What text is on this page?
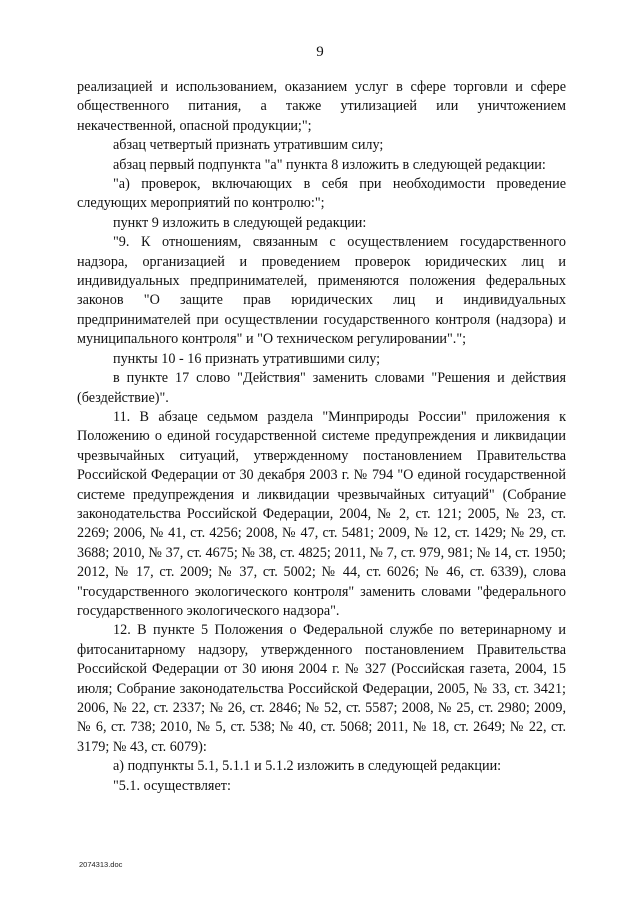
9

реализацией и использованием, оказанием услуг в сфере торговли и сфере общественного питания, а также утилизацией или уничтожением некачественной, опасной продукции;";

абзац четвертый признать утратившим силу;

абзац первый подпункта "а" пункта 8 изложить в следующей редакции:

"а) проверок, включающих в себя при необходимости проведение следующих мероприятий по контролю:";

пункт 9 изложить в следующей редакции:

"9. К отношениям, связанным с осуществлением государственного надзора, организацией и проведением проверок юридических лиц и индивидуальных предпринимателей, применяются положения федеральных законов "О защите прав юридических лиц и индивидуальных предпринимателей при осуществлении государственного контроля (надзора) и муниципального контроля" и "О техническом регулировании".";

пункты 10 - 16 признать утратившими силу;

в пункте 17 слово "Действия" заменить словами "Решения и действия (бездействие)".

11. В абзаце седьмом раздела "Минприроды России" приложения к Положению о единой государственной системе предупреждения и ликвидации чрезвычайных ситуаций, утвержденному постановлением Правительства Российской Федерации от 30 декабря 2003 г. № 794 "О единой государственной системе предупреждения и ликвидации чрезвычайных ситуаций" (Собрание законодательства Российской Федерации, 2004, № 2, ст. 121; 2005, № 23, ст. 2269; 2006, № 41, ст. 4256; 2008, № 47, ст. 5481; 2009, № 12, ст. 1429; № 29, ст. 3688; 2010, № 37, ст. 4675; № 38, ст. 4825; 2011, № 7, ст. 979, 981; № 14, ст. 1950; 2012, № 17, ст. 2009; № 37, ст. 5002; № 44, ст. 6026; № 46, ст. 6339), слова "государственного экологического контроля" заменить словами "федерального государственного экологического надзора".

12. В пункте 5 Положения о Федеральной службе по ветеринарному и фитосанитарному надзору, утвержденного постановлением Правительства Российской Федерации от 30 июня 2004 г. № 327 (Российская газета, 2004, 15 июля; Собрание законодательства Российской Федерации, 2005, № 33, ст. 3421; 2006, № 22, ст. 2337; № 26, ст. 2846; № 52, ст. 5587; 2008, № 25, ст. 2980; 2009, № 6, ст. 738; 2010, № 5, ст. 538; № 40, ст. 5068; 2011, № 18, ст. 2649; № 22, ст. 3179; № 43, ст. 6079):

а) подпункты 5.1, 5.1.1 и 5.1.2 изложить в следующей редакции:

"5.1. осуществляет:

2074313.doc
